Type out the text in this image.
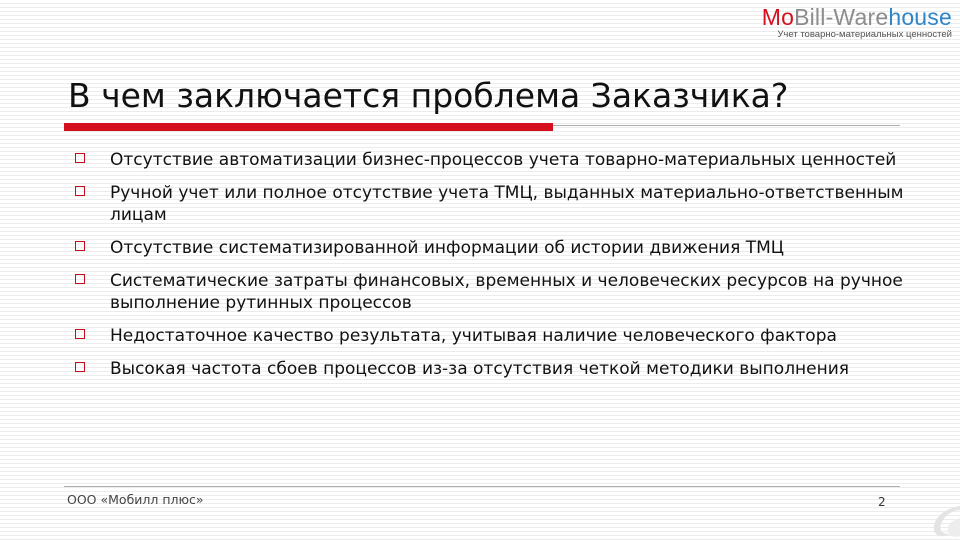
MoBill-Warehouse
Учет товарно-материальных ценностей
В чем заключается проблема Заказчика?
Отсутствие автоматизации бизнес-процессов учета товарно-материальных ценностей
Ручной учет или полное отсутствие учета ТМЦ, выданных материально-ответственным лицам
Отсутствие систематизированной информации об истории движения ТМЦ
Систематические затраты финансовых, временных и человеческих ресурсов на ручное выполнение рутинных процессов
Недостаточное качество результата, учитывая наличие человеческого фактора
Высокая частота сбоев процессов из-за отсутствия четкой методики выполнения
ООО «Мобилл плюс»	2
